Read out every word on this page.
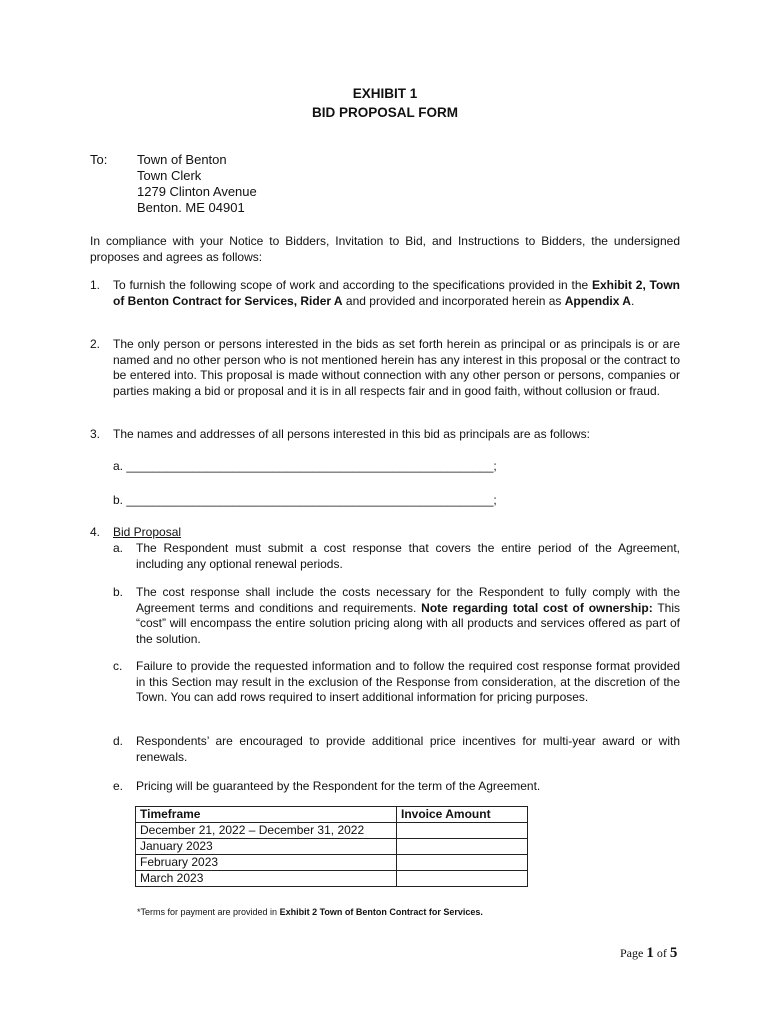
EXHIBIT 1
BID PROPOSAL FORM
To: Town of Benton
Town Clerk
1279 Clinton Avenue
Benton. ME 04901
In compliance with your Notice to Bidders, Invitation to Bid, and Instructions to Bidders, the undersigned proposes and agrees as follows:
1. To furnish the following scope of work and according to the specifications provided in the Exhibit 2, Town of Benton Contract for Services, Rider A and provided and incorporated herein as Appendix A.
2. The only person or persons interested in the bids as set forth herein as principal or as principals is or are named and no other person who is not mentioned herein has any interest in this proposal or the contract to be entered into. This proposal is made without connection with any other person or persons, companies or parties making a bid or proposal and it is in all respects fair and in good faith, without collusion or fraud.
3. The names and addresses of all persons interested in this bid as principals are as follows:
a. _______________________________________________________;
b. _______________________________________________________;
4. Bid Proposal
a. The Respondent must submit a cost response that covers the entire period of the Agreement, including any optional renewal periods.
b. The cost response shall include the costs necessary for the Respondent to fully comply with the Agreement terms and conditions and requirements. Note regarding total cost of ownership: This “cost” will encompass the entire solution pricing along with all products and services offered as part of the solution.
c. Failure to provide the requested information and to follow the required cost response format provided in this Section may result in the exclusion of the Response from consideration, at the discretion of the Town. You can add rows required to insert additional information for pricing purposes.
d. Respondents’ are encouraged to provide additional price incentives for multi-year award or with renewals.
e. Pricing will be guaranteed by the Respondent for the term of the Agreement.
Timeframe	Invoice Amount
December 21, 2022 – December 31, 2022	
January 2023	
February 2023	
March 2023	
*Terms for payment are provided in Exhibit 2 Town of Benton Contract for Services.
Page 1 of 5
